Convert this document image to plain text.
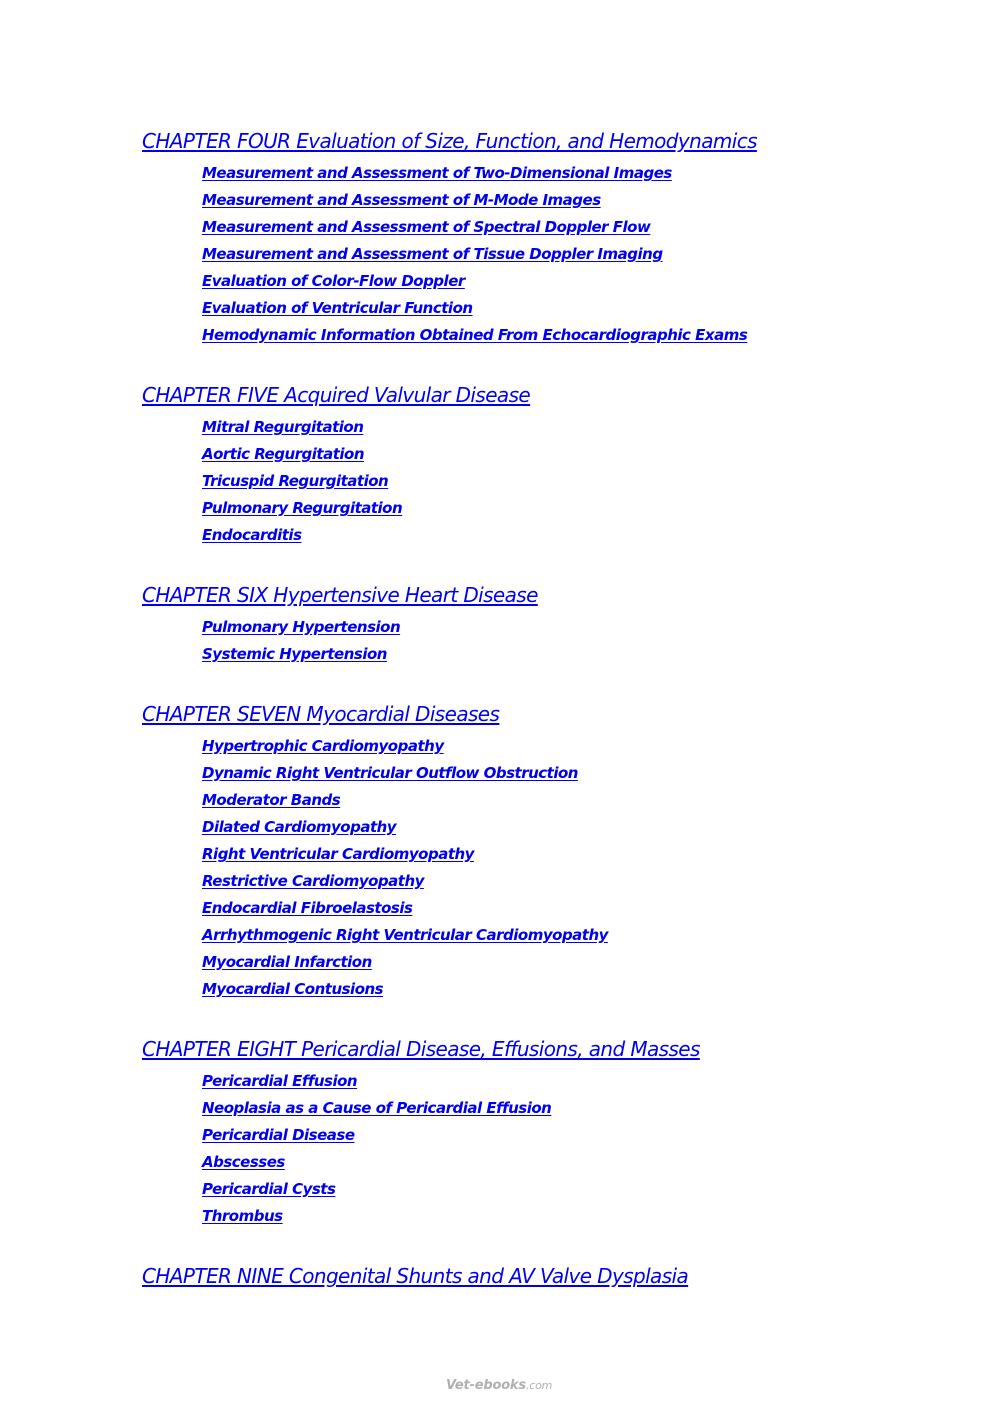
CHAPTER FOUR Evaluation of Size, Function, and Hemodynamics
Measurement and Assessment of Two-Dimensional Images
Measurement and Assessment of M-Mode Images
Measurement and Assessment of Spectral Doppler Flow
Measurement and Assessment of Tissue Doppler Imaging
Evaluation of Color-Flow Doppler
Evaluation of Ventricular Function
Hemodynamic Information Obtained From Echocardiographic Exams
CHAPTER FIVE Acquired Valvular Disease
Mitral Regurgitation
Aortic Regurgitation
Tricuspid Regurgitation
Pulmonary Regurgitation
Endocarditis
CHAPTER SIX Hypertensive Heart Disease
Pulmonary Hypertension
Systemic Hypertension
CHAPTER SEVEN Myocardial Diseases
Hypertrophic Cardiomyopathy
Dynamic Right Ventricular Outflow Obstruction
Moderator Bands
Dilated Cardiomyopathy
Right Ventricular Cardiomyopathy
Restrictive Cardiomyopathy
Endocardial Fibroelastosis
Arrhythmogenic Right Ventricular Cardiomyopathy
Myocardial Infarction
Myocardial Contusions
CHAPTER EIGHT Pericardial Disease, Effusions, and Masses
Pericardial Effusion
Neoplasia as a Cause of Pericardial Effusion
Pericardial Disease
Abscesses
Pericardial Cysts
Thrombus
CHAPTER NINE Congenital Shunts and AV Valve Dysplasia
Vet-ebooks.com
